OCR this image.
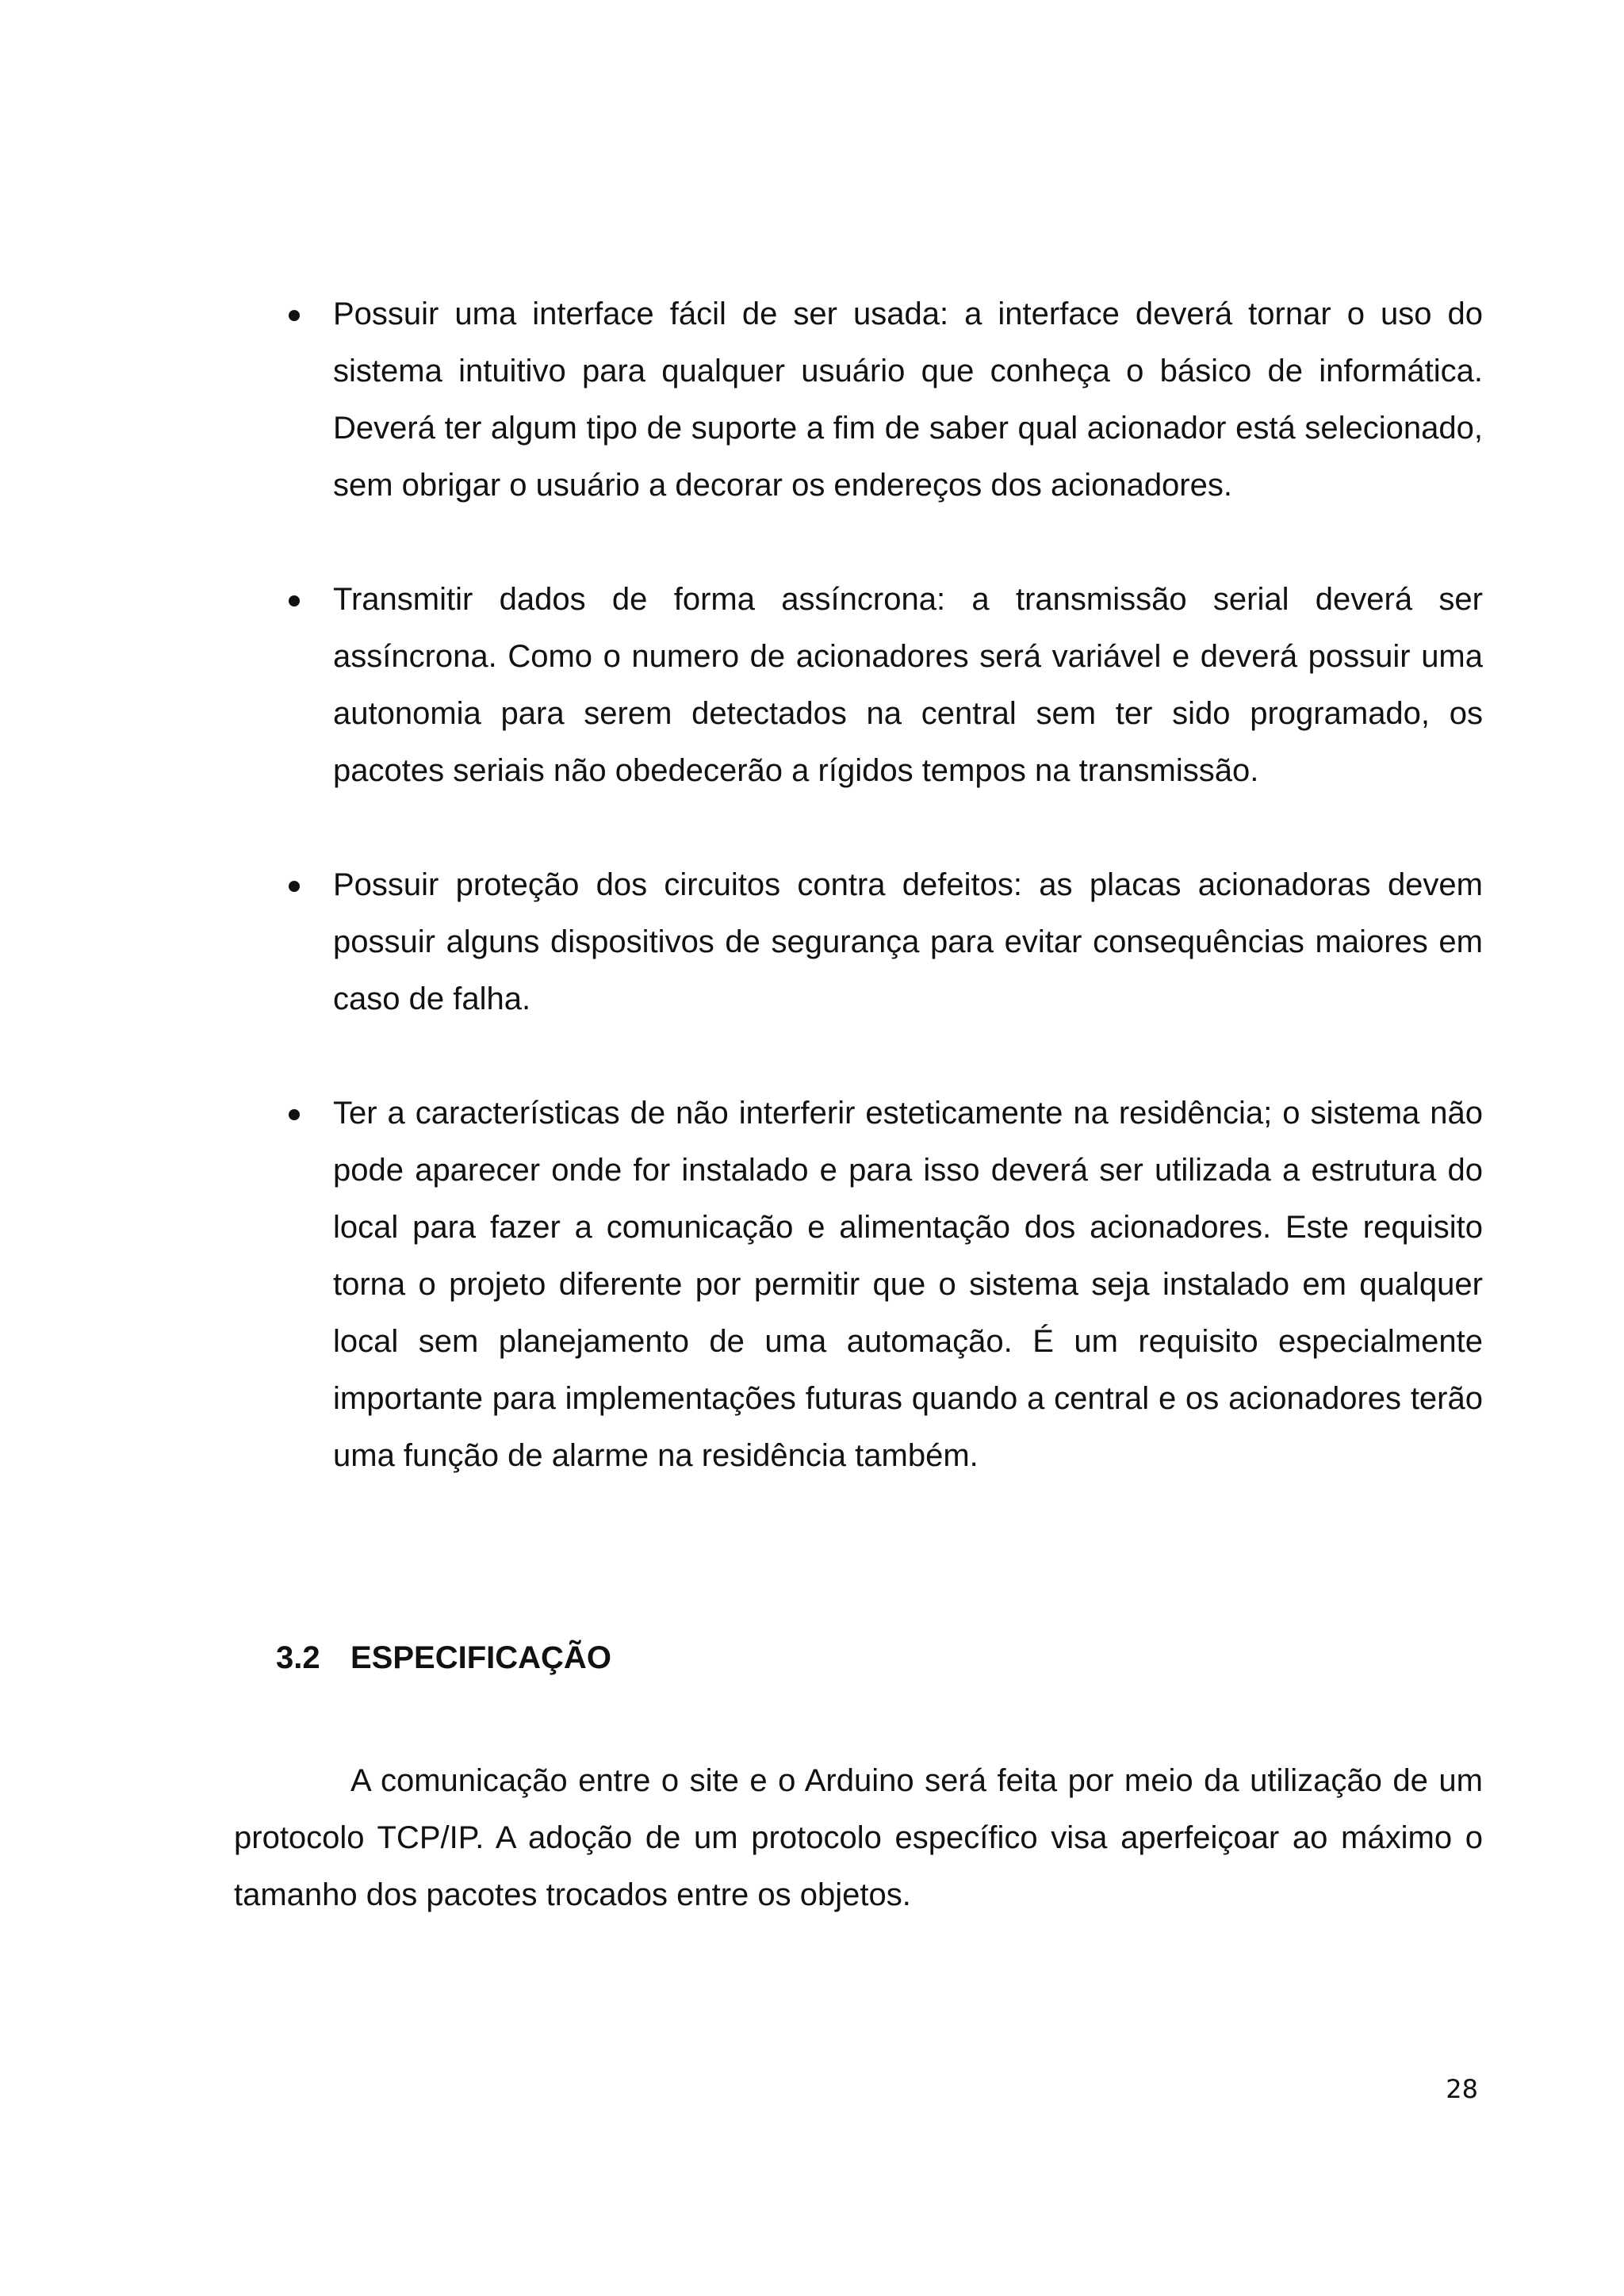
Possuir uma interface fácil de ser usada: a interface deverá tornar o uso do sistema intuitivo para qualquer usuário que conheça o básico de informática. Deverá ter algum tipo de suporte a fim de saber qual acionador está selecionado, sem obrigar o usuário a decorar os endereços dos acionadores.
Transmitir dados de forma assíncrona: a transmissão serial deverá ser assíncrona. Como o numero de acionadores será variável e deverá possuir uma autonomia para serem detectados na central sem ter sido programado, os pacotes seriais não obedecerão a rígidos tempos na transmissão.
Possuir proteção dos circuitos contra defeitos: as placas acionadoras devem possuir alguns dispositivos de segurança para evitar consequências maiores em caso de falha.
Ter a características de não interferir esteticamente na residência; o sistema não pode aparecer onde for instalado e para isso deverá ser utilizada a estrutura do local para fazer a comunicação e alimentação dos acionadores. Este requisito torna o projeto diferente por permitir que o sistema seja instalado em qualquer local sem planejamento de uma automação. É um requisito especialmente importante para implementações futuras quando a central e os acionadores terão uma função de alarme na residência também.
3.2 ESPECIFICAÇÃO

A comunicação entre o site e o Arduino será feita por meio da utilização de um protocolo TCP/IP. A adoção de um protocolo específico visa aperfeiçoar ao máximo o tamanho dos pacotes trocados entre os objetos.

28
